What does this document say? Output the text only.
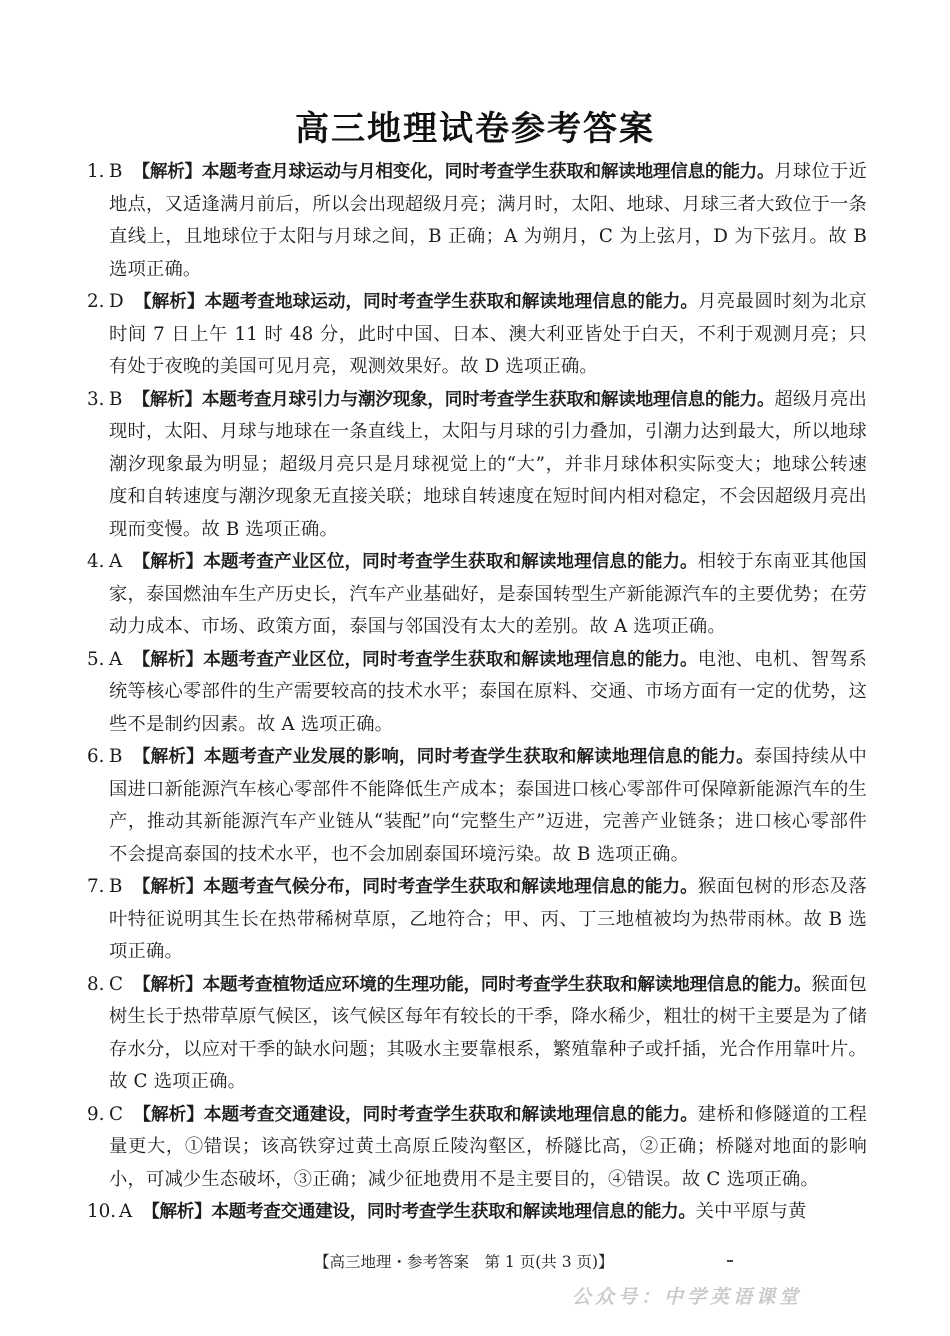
高三地理试卷参考答案
1. B 【解析】本题考查月球运动与月相变化，同时考查学生获取和解读地理信息的能力。月球位于近地点，又适逢满月前后，所以会出现超级月亮；满月时，太阳、地球、月球三者大致位于一条直线上，且地球位于太阳与月球之间，B 正确；A 为朔月，C 为上弦月，D 为下弦月。故 B 选项正确。
2. D 【解析】本题考查地球运动，同时考查学生获取和解读地理信息的能力。月亮最圆时刻为北京时间 7 日上午 11 时 48 分，此时中国、日本、澳大利亚皆处于白天，不利于观测月亮；只有处于夜晚的美国可见月亮，观测效果好。故 D 选项正确。
3. B 【解析】本题考查月球引力与潮汐现象，同时考查学生获取和解读地理信息的能力。超级月亮出现时，太阳、月球与地球在一条直线上，太阳与月球的引力叠加，引潮力达到最大，所以地球潮汐现象最为明显；超级月亮只是月球视觉上的“大”，并非月球体积实际变大；地球公转速度和自转速度与潮汐现象无直接关联；地球自转速度在短时间内相对稳定，不会因超级月亮出现而变慢。故 B 选项正确。
4. A 【解析】本题考查产业区位，同时考查学生获取和解读地理信息的能力。相较于东南亚其他国家，泰国燃油车生产历史长，汽车产业基础好，是泰国转型生产新能源汽车的主要优势；在劳动力成本、市场、政策方面，泰国与邻国没有太大的差别。故 A 选项正确。
5. A 【解析】本题考查产业区位，同时考查学生获取和解读地理信息的能力。电池、电机、智驾系统等核心零部件的生产需要较高的技术水平；泰国在原料、交通、市场方面有一定的优势，这些不是制约因素。故 A 选项正确。
6. B 【解析】本题考查产业发展的影响，同时考查学生获取和解读地理信息的能力。泰国持续从中国进口新能源汽车核心零部件不能降低生产成本；泰国进口核心零部件可保障新能源汽车的生产，推动其新能源汽车产业链从“装配”向“完整生产”迈进，完善产业链条；进口核心零部件不会提高泰国的技术水平，也不会加剧泰国环境污染。故 B 选项正确。
7. B 【解析】本题考查气候分布，同时考查学生获取和解读地理信息的能力。猴面包树的形态及落叶特征说明其生长在热带稀树草原，乙地符合；甲、丙、丁三地植被均为热带雨林。故 B 选项正确。
8. C 【解析】本题考查植物适应环境的生理功能，同时考查学生获取和解读地理信息的能力。猴面包树生长于热带草原气候区，该气候区每年有较长的干季，降水稀少，粗壮的树干主要是为了储存水分，以应对干季的缺水问题；其吸水主要靠根系，繁殖靠种子或扦插，光合作用靠叶片。故 C 选项正确。
9. C 【解析】本题考查交通建设，同时考查学生获取和解读地理信息的能力。建桥和修隧道的工程量更大，①错误；该高铁穿过黄土高原丘陵沟壑区，桥隧比高，②正确；桥隧对地面的影响小，可减少生态破坏，③正确；减少征地费用不是主要目的，④错误。故 C 选项正确。
10. A 【解析】本题考查交通建设，同时考查学生获取和解读地理信息的能力。关中平原与黄
【高三地理・参考答案　第 1 页(共 3 页)】
公众号：中学英语课堂
